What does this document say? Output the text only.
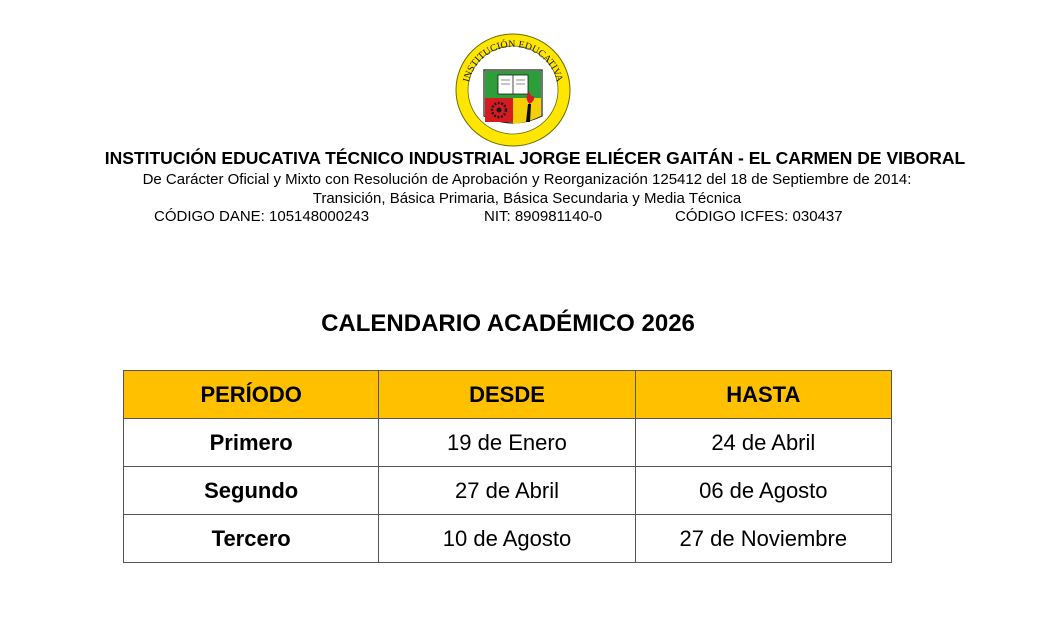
INSTITUCIÓN EDUCATIVA
INSTITUCIÓN EDUCATIVA TÉCNICO INDUSTRIAL JORGE ELIÉCER GAITÁN - EL CARMEN DE VIBORAL
De Carácter Oficial y Mixto con Resolución de Aprobación y Reorganización 125412 del 18 de Septiembre de 2014:
Transición, Básica Primaria, Básica Secundaria y Media Técnica
CÓDIGO DANE: 105148000243	NIT: 890981140-0	CÓDIGO ICFES: 030437
CALENDARIO ACADÉMICO 2026
PERÍODO	DESDE	HASTA
Primero	19 de Enero	24 de Abril
Segundo	27 de Abril	06 de Agosto
Tercero	10 de Agosto	27 de Noviembre
